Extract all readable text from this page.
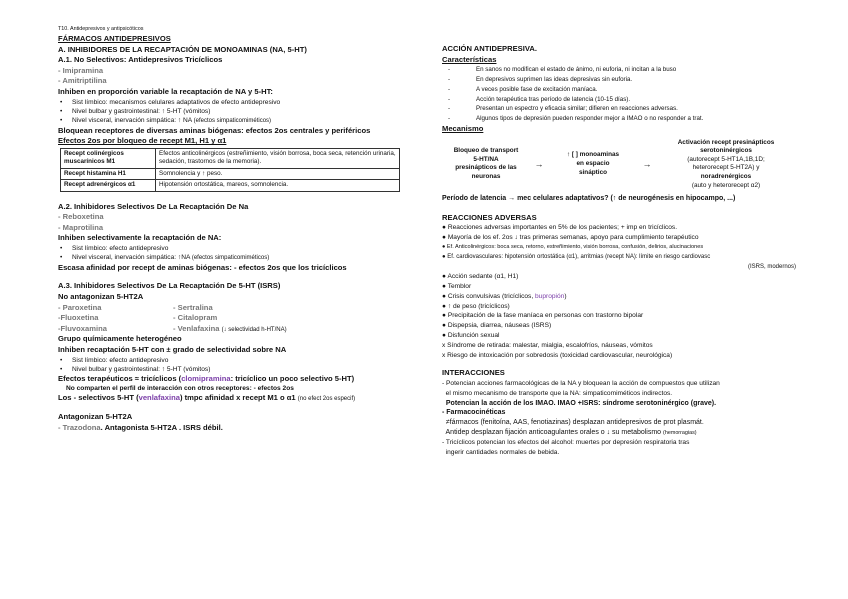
T10. Antidepresivos y antipsicóticos
FÁRMACOS ANTIDEPRESIVOS
A. INHIBIDORES DE LA RECAPTACIÓN DE MONOAMINAS (NA, 5-HT)
A.1. No Selectivos: Antidepresivos Tricíclicos
- Imipramina
- Amitriptilina
Inhiben en proporción variable la recaptación de NA y 5-HT:
• Sist límbico: mecanismos celulares adaptativos de efecto antidepresivo
• Nivel bulbar y gastrointestinal: ↑ 5-HT (vómitos)
• Nivel visceral, inervación simpática: ↑ NA (efectos simpaticomiméticos)
Bloquean receptores de diversas aminas biógenas: efectos 2os centrales y periféricos
Efectos 2os por bloqueo de recept M1, H1 y α1
Recept colinérgicos muscarínicos M1	Efectos anticolinérgicos (estreñimiento, visión borrosa, boca seca, retención urinaria, sedación, trastornos de la memoria).
Recept histamina H1	Somnolencia y ↑ peso.
Recept adrenérgicos α1	Hipotensión ortostática, mareos, somnolencia.
A.2. Inhibidores Selectivos De La Recaptación De Na
- Reboxetina
- Maprotilina
Inhiben selectivamente la recaptación de NA:
• Sist límbico: efecto antidepresivo
• Nivel visceral, inervación simpática: ↑NA (efectos simpaticomiméticos)
Escasa afinidad por recept de aminas biógenas: - efectos 2os que los tricíclicos
A.3. Inhibidores Selectivos De La Recaptación De 5-HT (ISRS)
No antagonizan 5-HT2A
- Paroxetina
-Fluoxetina
-Fluvoxamina
- Sertralina
- Citalopram
- Venlafaxina (↓ selectividad h-HT/NA)
Grupo químicamente heterogéneo
Inhiben recaptación 5-HT con ± grado de selectividad sobre NA
• Sist límbico: efecto antidepresivo
• Nivel bulbar y gastrointestinal: ↑ 5-HT (vómitos)
Efectos terapéuticos ≈ tricíclicos (clomipramina: tricíclico un poco selectivo 5-HT)
No comparten el perfil de interacción con otros receptores: - efectos 2os
Los - selectivos 5-HT (venlafaxina) tmpc afinidad x recept M1 o α1 (no efect 2os especif)
Antagonizan 5-HT2A
- Trazodona. Antagonista 5-HT2A . ISRS débil.
ACCIÓN ANTIDEPRESIVA.
Características
- En sanos no modifican el estado de ánimo, ni euforia, ni incitan a la buso
- En depresivos suprimen las ideas depresivas sin euforia.
- A veces posible fase de excitación maníaca.
- Acción terapéutica tras período de latencia (10-15 días).
- Presentan un espectro y eficacia similar; difieren en reacciones adversas.
- Algunos tipos de depresión pueden responder mejor a IMAO o no responder a trat.
Mecanismo
Bloqueo de transport
5-HT/NA
presinápticos de las
neuronas
→
↑ [ ] monoaminas
en espacio
sináptico
→
Activación recept presinápticos
serotoninérgicos
(autorecept 5-HT1A,1B,1D;
heterorecept 5-HT2A) y
noradrenérgicos
(auto y heterorecept α2)
Período de latencia → mec celulares adaptativos? (↑ de neurogénesis en hipocampo, ...)
REACCIONES ADVERSAS
● Reacciones adversas importantes en 5% de los pacientes; + imp en tricíclicos.
● Mayoría de los ef. 2os ↓ tras primeras semanas, apoyo para cumplimiento terapéutico
● Ef. Anticolinérgicos: boca seca, retorno, estreñimiento, visión borrosa, confusión, delirios, alucinaciones
● Ef. cardiovasculares: hipotensión ortostática (α1), arritmias (recept NA): límite en riesgo cardiovasc
(ISRS, modernos)
● Acción sedante (α1, H1)
● Temblor
● Crisis convulsivas (tricíclicos, bupropión)
● ↑ de peso (tricíclicos)
● Precipitación de la fase maníaca en personas con trastorno bipolar
● Dispepsia, diarrea, náuseas (ISRS)
● Disfunción sexual
x Síndrome de retirada: malestar, mialgia, escalofríos, náuseas, vómitos
x Riesgo de intoxicación por sobredosis (toxicidad cardiovascular, neurológica)
INTERACCIONES
- Potencian acciones farmacológicas de la NA y bloquean la acción de compuestos que utilizan
el mismo mecanismo de transporte que la NA: simpaticomiméticos indirectos.
Potencian la acción de los IMAO. IMAO +ISRS: síndrome serotoninérgico (grave).
- Farmacocinéticas
≠fármacos (fenitoína, AAS, fenotiazinas) desplazan antidepresivos de prot plasmát.
Antidep desplazan fijación anticoagulantes orales o ↓ su metabolismo (hemorragias)
- Tricíclicos potencian los efectos del alcohol: muertes por depresión respiratoria tras
ingerir cantidades normales de bebida.
